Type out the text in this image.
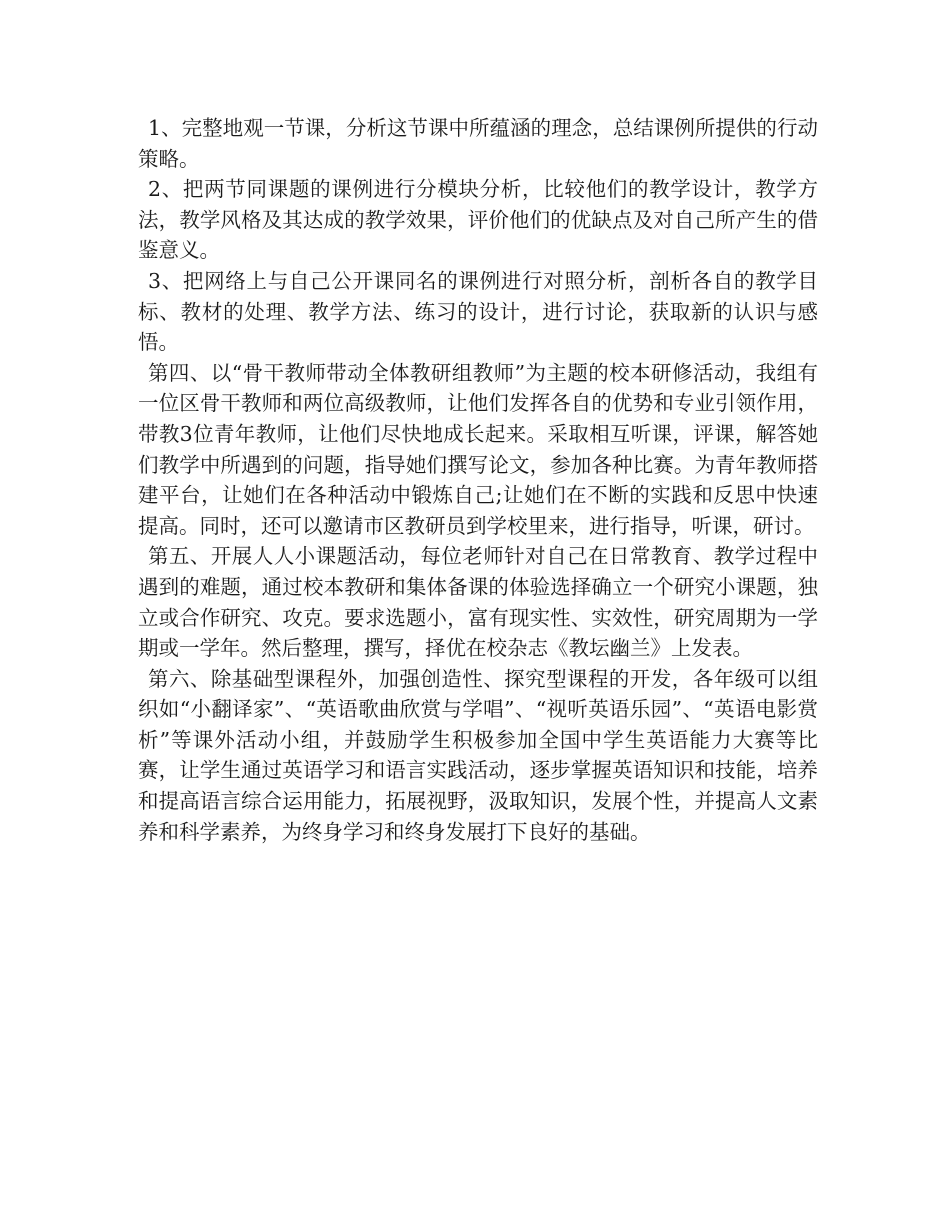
1、完整地观一节课，分析这节课中所蕴涵的理念，总结课例所提供的行动策略。

2、把两节同课题的课例进行分模块分析，比较他们的教学设计，教学方法，教学风格及其达成的教学效果，评价他们的优缺点及对自己所产生的借鉴意义。

3、把网络上与自己公开课同名的课例进行对照分析，剖析各自的教学目标、教材的处理、教学方法、练习的设计，进行讨论，获取新的认识与感悟。

第四、以“骨干教师带动全体教研组教师”为主题的校本研修活动，我组有一位区骨干教师和两位高级教师，让他们发挥各自的优势和专业引领作用，带教3位青年教师，让他们尽快地成长起来。采取相互听课，评课，解答她们教学中所遇到的问题，指导她们撰写论文，参加各种比赛。为青年教师搭建平台，让她们在各种活动中锻炼自己;让她们在不断的实践和反思中快速提高。同时，还可以邀请市区教研员到学校里来，进行指导，听课，研讨。

第五、开展人人小课题活动，每位老师针对自己在日常教育、教学过程中遇到的难题，通过校本教研和集体备课的体验选择确立一个研究小课题，独立或合作研究、攻克。要求选题小，富有现实性、实效性，研究周期为一学期或一学年。然后整理，撰写，择优在校杂志《教坛幽兰》上发表。

第六、除基础型课程外，加强创造性、探究型课程的开发，各年级可以组织如“小翻译家”、“英语歌曲欣赏与学唱”、“视听英语乐园”、“英语电影赏析”等课外活动小组，并鼓励学生积极参加全国中学生英语能力大赛等比赛，让学生通过英语学习和语言实践活动，逐步掌握英语知识和技能，培养和提高语言综合运用能力，拓展视野，汲取知识，发展个性，并提高人文素养和科学素养，为终身学习和终身发展打下良好的基础。
